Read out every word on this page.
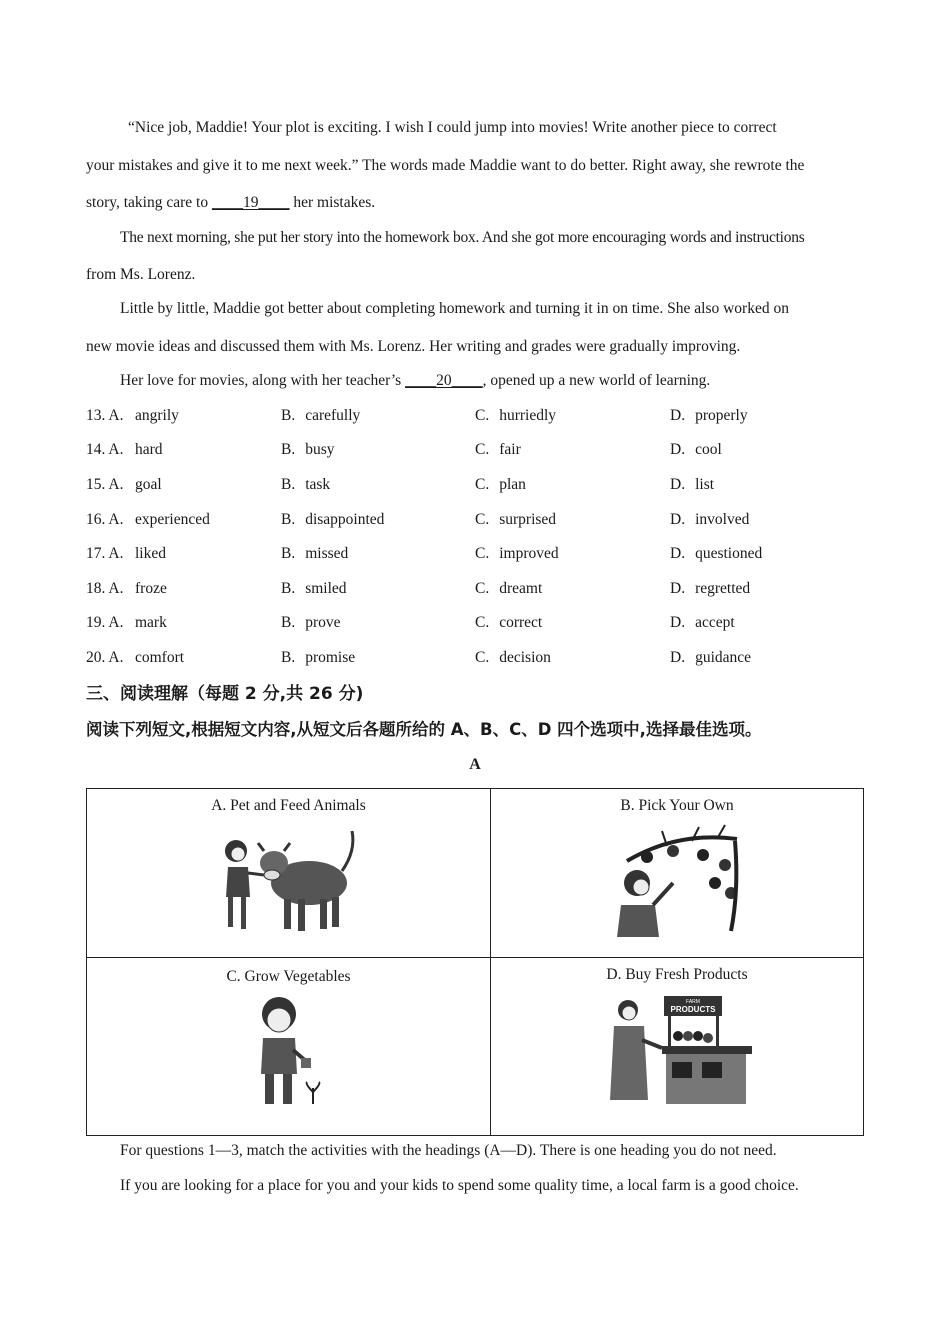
“Nice job, Maddie! Your plot is exciting. I wish I could jump into movies! Write another piece to correct
your mistakes and give it to me next week.” The words made Maddie want to do better. Right away, she rewrote the
story, taking care to ____19____ her mistakes.
The next morning, she put her story into the homework box. And she got more encouraging words and instructions
from Ms. Lorenz.
Little by little, Maddie got better about completing homework and turning it in on time. She also worked on
new movie ideas and discussed them with Ms. Lorenz. Her writing and grades were gradually improving.
Her love for movies, along with her teacher’s ____20____, opened up a new world of learning.
13. A. angrily	B. carefully	C. hurriedly	D. properly
14. A. hard	B. busy	C. fair	D. cool
15. A. goal	B. task	C. plan	D. list
16. A. experienced	B. disappointed	C. surprised	D. involved
17. A. liked	B. missed	C. improved	D. questioned
18. A. froze	B. smiled	C. dreamt	D. regretted
19. A. mark	B. prove	C. correct	D. accept
20. A. comfort	B. promise	C. decision	D. guidance
三、阅读理解（每题 2 分,共 26 分)
阅读下列短文,根据短文内容,从短文后各题所给的 A、B、C、D 四个选项中,选择最佳选项。
A
A. Pet and Feed Animals	B. Pick Your Own

C. Grow Vegetables	D. Buy Fresh Products
FARM
PRODUCTS
For questions 1—3, match the activities with the headings (A—D). There is one heading you do not need.
If you are looking for a place for you and your kids to spend some quality time, a local farm is a good choice.
